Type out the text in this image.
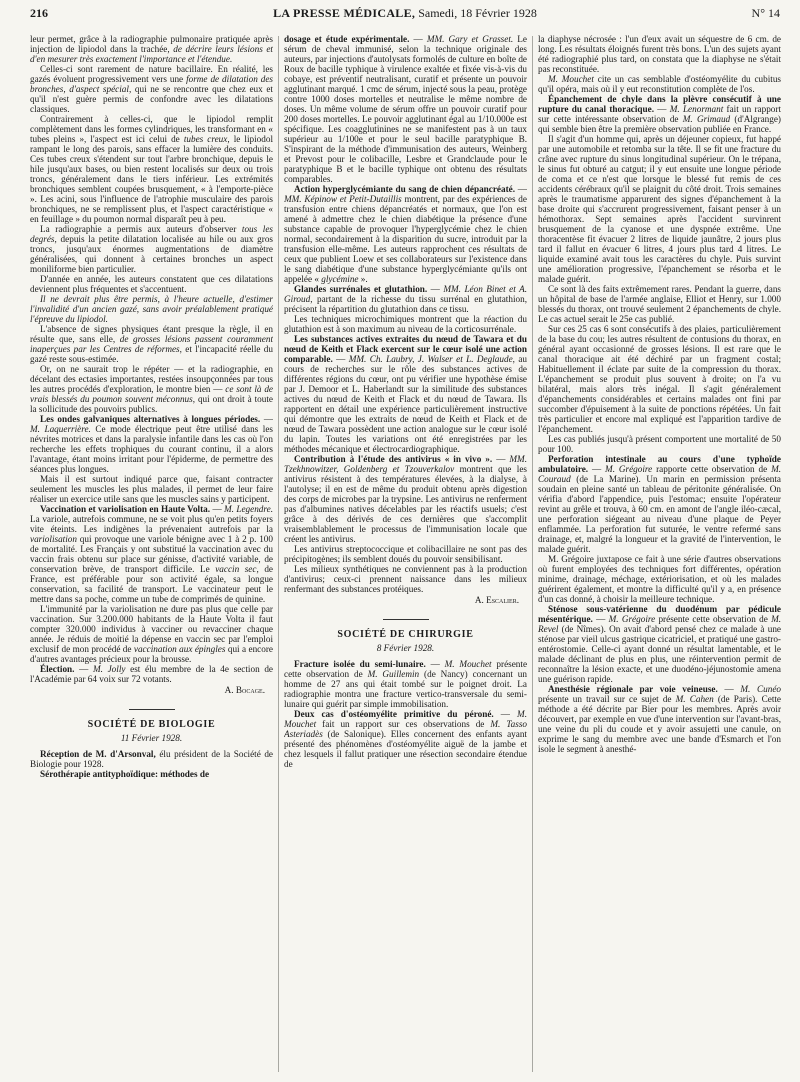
216	LA PRESSE MÉDICALE, Samedi, 18 Février 1928	N° 14

leur permet, grâce à la radiographie pulmonaire pratiquée après injection de lipiodol dans la trachée, de décrire leurs lésions et d'en mesurer très exactement l'importance et l'étendue.

Celles-ci sont rarement de nature bacillaire. En réalité, les gazés évoluent progressivement vers une forme de dilatation des bronches, d'aspect spécial, qui ne se rencontre que chez eux et qu'il n'est guère permis de confondre avec les dilatations classiques.

Contrairement à celles-ci, que le lipiodol remplit complètement dans les formes cylindriques, les transformant en « tubes pleins », l'aspect est ici celui de tubes creux, le lipiodol rampant le long des parois, sans effacer la lumière des conduits. Ces tubes creux s'étendent sur tout l'arbre bronchique, depuis le hile jusqu'aux bases, ou bien restent localisés sur deux ou trois troncs, généralement dans le tiers inférieur. Les extrémités bronchiques semblent coupées brusquement, « à l'emporte-pièce ». Les acini, sous l'influence de l'atrophie musculaire des parois bronchiques, ne se remplissent plus, et l'aspect caractéristique « en feuillage » du poumon normal disparaît peu à peu.

La radiographie a permis aux auteurs d'observer tous les degrés, depuis la petite dilatation localisée au hile ou aux gros troncs, jusqu'aux énormes augmentations de diamètre généralisées, qui donnent à certaines bronches un aspect moniliforme bien particulier.

D'année en année, les auteurs constatent que ces dilatations deviennent plus fréquentes et s'accentuent.

Il ne devrait plus être permis, à l'heure actuelle, d'estimer l'invalidité d'un ancien gazé, sans avoir préalablement pratiqué l'épreuve du lipiodol.

L'absence de signes physiques étant presque la règle, il en résulte que, sans elle, de grosses lésions passent couramment inaperçues par les Centres de réformes, et l'incapacité réelle du gazé reste sous-estimée.

Or, on ne saurait trop le répéter — et la radiographie, en décelant des ectasies importantes, restées insoupçonnées par tous les autres procédés d'exploration, le montre bien — ce sont là de vrais blessés du poumon souvent méconnus, qui ont droit à toute la sollicitude des pouvoirs publics.

Les ondes galvaniques alternatives à longues périodes. — M. Laquerrière. Ce mode électrique peut être utilisé dans les névrites motrices et dans la paralysie infantile dans les cas où l'on recherche les effets trophiques du courant continu, il a alors l'avantage, étant moins irritant pour l'épiderme, de permettre des séances plus longues.

Mais il est surtout indiqué parce que, faisant contracter seulement les muscles les plus malades, il permet de leur faire réaliser un exercice utile sans que les muscles sains y participent.

Vaccination et variolisation en Haute Volta. — M. Legendre. La variole, autrefois commune, ne se voit plus qu'en petits foyers vite éteints. Les indigènes la prévenaient autrefois par la variolisation qui provoque une variole bénigne avec 1 à 2 p. 100 de mortalité. Les Français y ont substitué la vaccination avec du vaccin frais obtenu sur place sur génisse, d'activité variable, de conservation brève, de transport difficile. Le vaccin sec, de France, est préférable pour son activité égale, sa longue conservation, sa facilité de transport. Le vaccinateur peut le mettre dans sa poche, comme un tube de comprimés de quinine.

L'immunité par la variolisation ne dure pas plus que celle par vaccination. Sur 3.200.000 habitants de la Haute Volta il faut compter 320.000 individus à vacciner ou revacciner chaque année. Je réduis de moitié la dépense en vaccin sec par l'emploi exclusif de mon procédé de vaccination aux épingles qui a encore d'autres avantages précieux pour la brousse.

Élection. — M. Jolly est élu membre de la 4e section de l'Académie par 64 voix sur 72 votants.

A. Bocage.
SOCIÉTÉ DE BIOLOGIE
11 Février 1928.

Réception de M. d'Arsonval, élu président de la Société de Biologie pour 1928.

Sérothérapie antityphoïdique: méthodes de

dosage et étude expérimentale. — MM. Gary et Grasset. Le sérum de cheval immunisé, selon la technique originale des auteurs, par injections d'autolysats formolés de culture en boîte de Roux de bacille typhique à virulence exaltée et fixée vis-à-vis du cobaye, est préventif neutralisant, curatif et présente un pouvoir agglutinant marqué. 1 cmc de sérum, injecté sous la peau, protège contre 1000 doses mortelles et neutralise le même nombre de doses. Un même volume de sérum offre un pouvoir curatif pour 200 doses mortelles. Le pouvoir agglutinant égal au 1/10.000e est spécifique. Les coagglutinines ne se manifestent pas à un taux supérieur au 1/100e et pour le seul bacille paratyphique B. S'inspirant de la méthode d'immunisation des auteurs, Weinberg et Prevost pour le colibacille, Lesbre et Grandclaude pour le paratyphique B et le bacille typhique ont obtenu des résultats comparables.

Action hyperglycémiante du sang de chien dépancréaté. — MM. Képinow et Petit-Dutaillis montrent, par des expériences de transfusion entre chiens dépancréatés et normaux, que l'on est amené à admettre chez le chien diabétique la présence d'une substance capable de provoquer l'hyperglycémie chez le chien normal, secondairement à la disparition du sucre, introduit par la transfusion elle-même. Les auteurs rapprochent ces résultats de ceux que publient Loew et ses collaborateurs sur l'existence dans le sang diabétique d'une substance hyperglycémiante qu'ils ont appelée « glycémine ».

Glandes surrénales et glutathion. — MM. Léon Binet et A. Giroud, partant de la richesse du tissu surrénal en glutathion, précisent la répartition du glutathion dans ce tissu.

Les techniques microchimiques montrent que la réaction du glutathion est à son maximum au niveau de la corticosurrénale.

Les substances actives extraites du nœud de Tawara et du nœud de Keith et Flack exercent sur le cœur isolé une action comparable. — MM. Ch. Laubry, J. Walser et L. Deglaude, au cours de recherches sur le rôle des substances actives de différentes régions du cœur, ont pu vérifier une hypothèse émise par J. Demoor et L. Haberlandt sur la similitude des substances actives du nœud de Keith et Flack et du nœud de Tawara. Ils rapportent en détail une expérience particulièrement instructive qui démontre que les extraits de nœud de Keith et Flack et de nœud de Tawara possèdent une action analogue sur le cœur isolé du lapin. Toutes les variations ont été enregistrées par les méthodes mécanique et électrocardiographique.

Contribution à l'étude des antivirus « in vivo ». — MM. Tzekhnowitzer, Goldenberg et Tzouverkalov montrent que les antivirus résistent à des températures élevées, à la dialyse, à l'autolyse; il en est de même du produit obtenu après digestion des corps de microbes par la trypsine. Les antivirus ne renferment pas d'albumines natives décelables par les réactifs usuels; c'est grâce à des dérivés de ces dernières que s'accomplit vraisemblablement le processus de l'immunisation locale que créent les antivirus.

Les antivirus streptococcique et colibacillaire ne sont pas des précipitogènes; ils semblent doués du pouvoir sensibilisant.

Les milieux synthétiques ne conviennent pas à la production d'antivirus; ceux-ci prennent naissance dans les milieux renfermant des substances protéiques.

A. Escalier.
SOCIÉTÉ DE CHIRURGIE
8 Février 1928.

Fracture isolée du semi-lunaire. — M. Mouchet présente cette observation de M. Guillemin (de Nancy) concernant un homme de 27 ans qui était tombé sur le poignet droit. La radiographie montra une fracture vertico-transversale du semi-lunaire qui guérit par simple immobilisation.

Deux cas d'ostéomyélite primitive du péroné. — M. Mouchet fait un rapport sur ces observations de M. Tasso Asteriadès (de Salonique). Elles concernent des enfants ayant présenté des phénomènes d'ostéomyélite aiguë de la jambe et chez lesquels il fallut pratiquer une résection secondaire étendue de

la diaphyse nécrosée : l'un d'eux avait un séquestre de 6 cm. de long. Les résultats éloignés furent très bons. L'un des sujets ayant été radiographié plus tard, on constata que la diaphyse ne s'était pas reconstituée.

M. Mouchet cite un cas semblable d'ostéomyélite du cubitus qu'il opéra, mais où il y eut reconstitution complète de l'os.

Épanchement de chyle dans la plèvre consécutif à une rupture du canal thoracique. — M. Lenormant fait un rapport sur cette intéressante observation de M. Grimaud (d'Algrange) qui semble bien être la première observation publiée en France.

Il s'agit d'un homme qui, après un déjeuner copieux, fut happé par une automobile et retomba sur la tête. Il se fit une fracture du crâne avec rupture du sinus longitudinal supérieur. On le trépana, le sinus fut obturé au catgut; il y eut ensuite une longue période de coma et ce n'est que lorsque le blessé fut remis de ces accidents cérébraux qu'il se plaignit du côté droit. Trois semaines après le traumatisme apparurent des signes d'épanchement à la base droite qui s'accrurent progressivement, faisant penser à un hémothorax. Sept semaines après l'accident survinrent brusquement de la cyanose et une dyspnée extrême. Une thoracentèse fit évacuer 2 litres de liquide jaunâtre, 2 jours plus tard il fallut en évacuer 6 litres, 4 jours plus tard 4 litres. Le liquide examiné avait tous les caractères du chyle. Puis survint une amélioration progressive, l'épanchement se résorba et le malade guérit.

Ce sont là des faits extrêmement rares. Pendant la guerre, dans un hôpital de base de l'armée anglaise, Elliot et Henry, sur 1.000 blessés du thorax, ont trouvé seulement 2 épanchements de chyle. Le cas actuel serait le 25e cas publié.

Sur ces 25 cas 6 sont consécutifs à des plaies, particulièrement de la base du cou; les autres résultent de contusions du thorax, en général ayant occasionné de grosses lésions. Il est rare que le canal thoracique ait été déchiré par un fragment costal; Habituellement il éclate par suite de la compression du thorax. L'épanchement se produit plus souvent à droite; on l'a vu bilatéral, mais alors très inégal. Il s'agit généralement d'épanchements considérables et certains malades ont fini par succomber d'épuisement à la suite de ponctions répétées. Un fait très particulier et encore mal expliqué est l'apparition tardive de l'épanchement.

Les cas publiés jusqu'à présent comportent une mortalité de 50 pour 100.

Perforation intestinale au cours d'une typhoïde ambulatoire. — M. Grégoire rapporte cette observation de M. Couraud (de La Marine). Un marin en permission présenta soudain en pleine santé un tableau de péritonite généralisée. On vérifia d'abord l'appendice, puis l'estomac; ensuite l'opérateur revint au grêle et trouva, à 60 cm. en amont de l'angle iléo-cæcal, une perforation siégeant au niveau d'une plaque de Peyer enflammée. La perforation fut suturée, le ventre refermé sans drainage, et, malgré la longueur et la gravité de l'intervention, le malade guérit.

M. Grégoire juxtapose ce fait à une série d'autres observations où furent employées des techniques fort différentes, opération minime, drainage, méchage, extériorisation, et où les malades guérirent également, et montre la difficulté qu'il y a, en présence d'un cas donné, à choisir la meilleure technique.

Sténose sous-vatérienne du duodénum par pédicule mésentérique. — M. Grégoire présente cette observation de M. Revel (de Nîmes). On avait d'abord pensé chez ce malade à une sténose par vieil ulcus gastrique cicatriciel, et pratiqué une gastro-entérostomie. Celle-ci ayant donné un résultat lamentable, et le malade déclinant de plus en plus, une réintervention permit de reconnaître la lésion exacte, et une duodéno-jéjunostomie amena une guérison rapide.

Anesthésie régionale par voie veineuse. — M. Cunéo présente un travail sur ce sujet de M. Cahen (de Paris). Cette méthode a été décrite par Bier pour les membres. Après avoir découvert, par exemple en vue d'une intervention sur l'avant-bras, une veine du pli du coude et y avoir assujetti une canule, on exprime le sang du membre avec une bande d'Esmarch et l'on isole le segment à anesthé-
